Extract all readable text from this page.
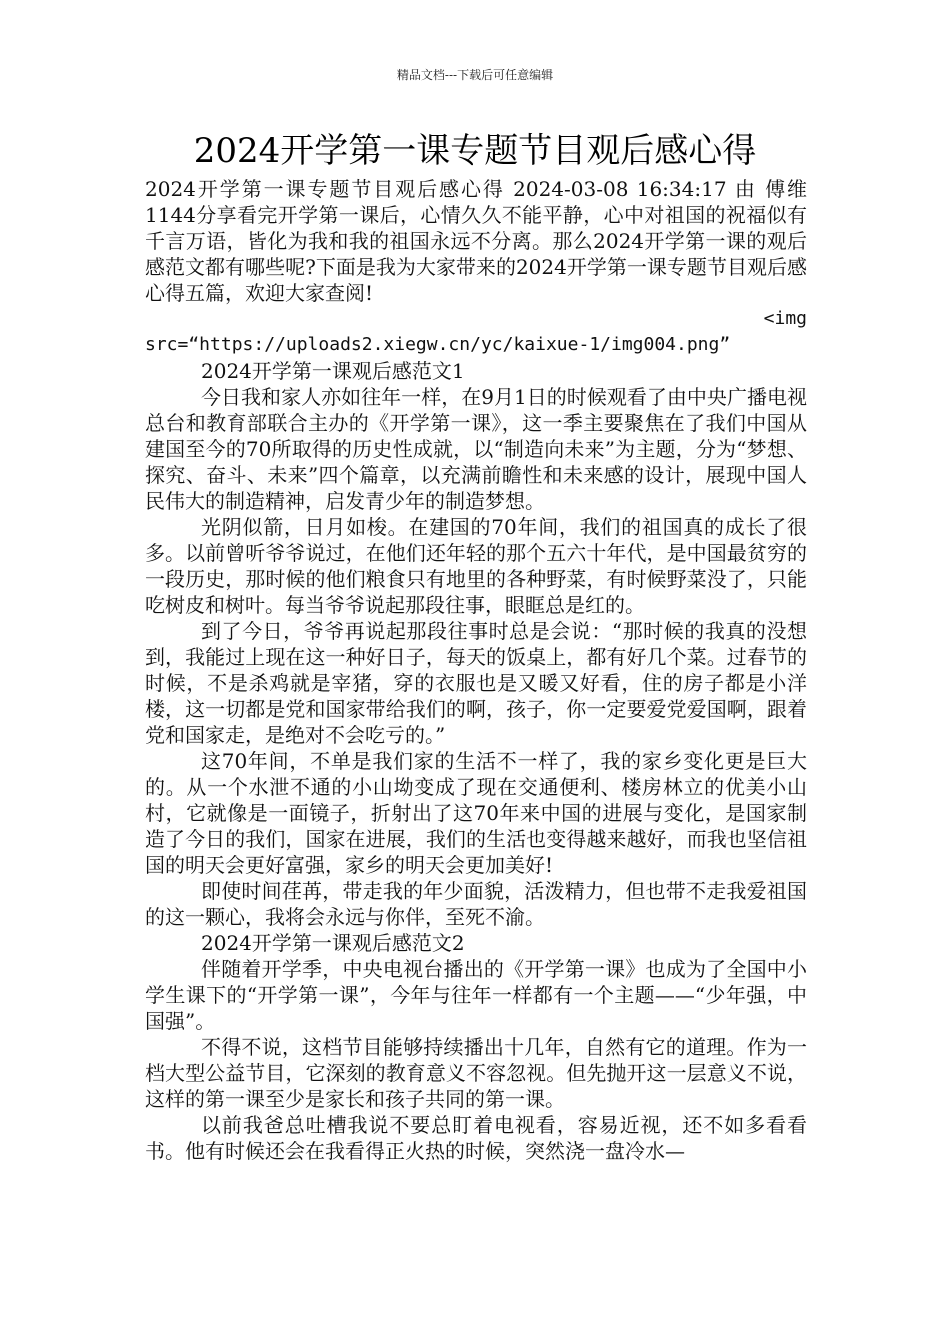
精品文档---下载后可任意编辑
2024开学第一课专题节目观后感心得

2024开学第一课专题节目观后感心得 2024-03-08 16:34:17 由 傅维1144分享看完开学第一课后，心情久久不能平静，心中对祖国的祝福似有千言万语，皆化为我和我的祖国永远不分离。那么2024开学第一课的观后感范文都有哪些呢?下面是我为大家带来的2024开学第一课专题节目观后感心得五篇，欢迎大家查阅!

<img

src=“https://uploads2.xiegw.cn/yc/kaixue-1/img004.png”

2024开学第一课观后感范文1

今日我和家人亦如往年一样，在9月1日的时候观看了由中央广播电视总台和教育部联合主办的《开学第一课》，这一季主要聚焦在了我们中国从建国至今的70所取得的历史性成就，以“制造向未来”为主题，分为“梦想、探究、奋斗、未来”四个篇章，以充满前瞻性和未来感的设计，展现中国人民伟大的制造精神，启发青少年的制造梦想。

光阴似箭，日月如梭。在建国的70年间，我们的祖国真的成长了很多。以前曾听爷爷说过，在他们还年轻的那个五六十年代，是中国最贫穷的一段历史，那时候的他们粮食只有地里的各种野菜，有时候野菜没了，只能吃树皮和树叶。每当爷爷说起那段往事，眼眶总是红的。

到了今日，爷爷再说起那段往事时总是会说：“那时候的我真的没想到，我能过上现在这一种好日子，每天的饭桌上，都有好几个菜。过春节的时候，不是杀鸡就是宰猪，穿的衣服也是又暖又好看，住的房子都是小洋楼，这一切都是党和国家带给我们的啊，孩子，你一定要爱党爱国啊，跟着党和国家走，是绝对不会吃亏的。”

这70年间，不单是我们家的生活不一样了，我的家乡变化更是巨大的。从一个水泄不通的小山坳变成了现在交通便利、楼房林立的优美小山村，它就像是一面镜子，折射出了这70年来中国的进展与变化，是国家制造了今日的我们，国家在进展，我们的生活也变得越来越好，而我也坚信祖国的明天会更好富强，家乡的明天会更加美好!

即使时间荏苒，带走我的年少面貌，活泼精力，但也带不走我爱祖国的这一颗心，我将会永远与你伴，至死不渝。

2024开学第一课观后感范文2

伴随着开学季，中央电视台播出的《开学第一课》也成为了全国中小学生课下的“开学第一课”，今年与往年一样都有一个主题——“少年强，中国强”。

不得不说，这档节目能够持续播出十几年，自然有它的道理。作为一档大型公益节目，它深刻的教育意义不容忽视。但先抛开这一层意义不说，这样的第一课至少是家长和孩子共同的第一课。

以前我爸总吐槽我说不要总盯着电视看，容易近视，还不如多看看书。他有时候还会在我看得正火热的时候，突然浇一盘冷水—
